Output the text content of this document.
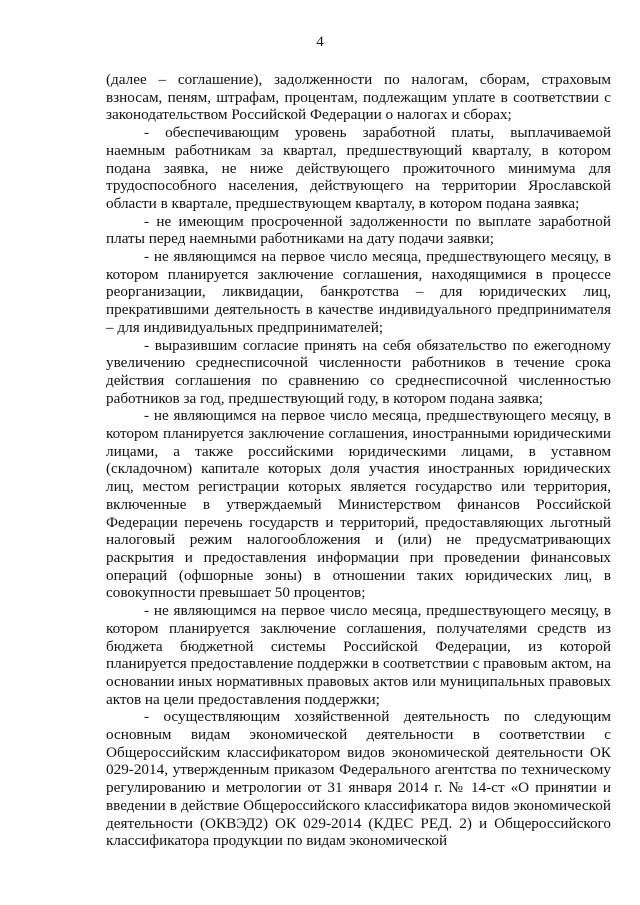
4

(далее – соглашение), задолженности по налогам, сборам, страховым взносам, пеням, штрафам, процентам, подлежащим уплате в соответствии с законодательством Российской Федерации о налогах и сборах;

- обеспечивающим уровень заработной платы, выплачиваемой наемным работникам за квартал, предшествующий кварталу, в котором подана заявка, не ниже действующего прожиточного минимума для трудоспособного населения, действующего на территории Ярославской области в квартале, предшествующем кварталу, в котором подана заявка;

- не имеющим просроченной задолженности по выплате заработной платы перед наемными работниками на дату подачи заявки;

- не являющимся на первое число месяца, предшествующего месяцу, в котором планируется заключение соглашения, находящимися в процессе реорганизации, ликвидации, банкротства – для юридических лиц, прекратившими деятельность в качестве индивидуального предпринимателя – для индивидуальных предпринимателей;

- выразившим согласие принять на себя обязательство по ежегодному увеличению среднесписочной численности работников в течение срока действия соглашения по сравнению со среднесписочной численностью работников за год, предшествующий году, в котором подана заявка;

- не являющимся на первое число месяца, предшествующего месяцу, в котором планируется заключение соглашения, иностранными юридическими лицами, а также российскими юридическими лицами, в уставном (складочном) капитале которых доля участия иностранных юридических лиц, местом регистрации которых является государство или территория, включенные в утверждаемый Министерством финансов Российской Федерации перечень государств и территорий, предоставляющих льготный налоговый режим налогообложения и (или) не предусматривающих раскрытия и предоставления информации при проведении финансовых операций (офшорные зоны) в отношении таких юридических лиц, в совокупности превышает 50 процентов;

- не являющимся на первое число месяца, предшествующего месяцу, в котором планируется заключение соглашения, получателями средств из бюджета бюджетной системы Российской Федерации, из которой планируется предоставление поддержки в соответствии с правовым актом, на основании иных нормативных правовых актов или муниципальных правовых актов на цели предоставления поддержки;

- осуществляющим хозяйственной деятельность по следующим основным видам экономической деятельности в соответствии с Общероссийским классификатором видов экономической деятельности ОК 029-2014, утвержденным приказом Федерального агентства по техническому регулированию и метрологии от 31 января 2014 г. № 14-ст «О принятии и введении в действие Общероссийского классификатора видов экономической деятельности (ОКВЭД2) ОК 029-2014 (КДЕС РЕД. 2) и Общероссийского классификатора продукции по видам экономической
